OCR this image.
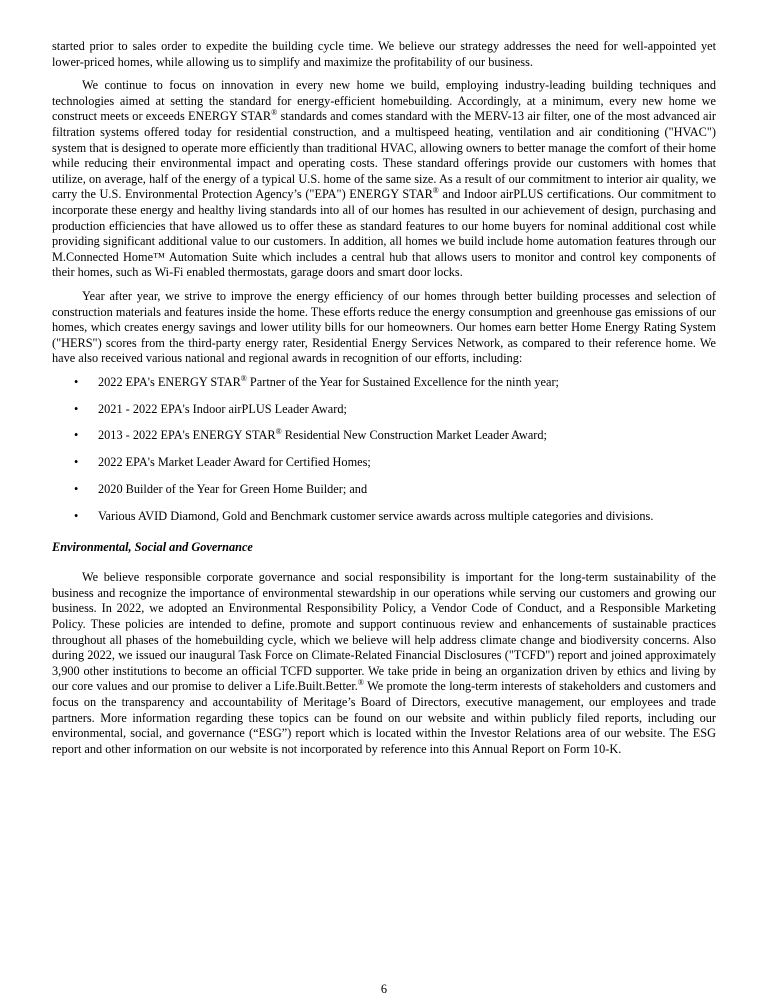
started prior to sales order to expedite the building cycle time. We believe our strategy addresses the need for well-appointed yet lower-priced homes, while allowing us to simplify and maximize the profitability of our business.

We continue to focus on innovation in every new home we build, employing industry-leading building techniques and technologies aimed at setting the standard for energy-efficient homebuilding. Accordingly, at a minimum, every new home we construct meets or exceeds ENERGY STAR® standards and comes standard with the MERV-13 air filter, one of the most advanced air filtration systems offered today for residential construction, and a multispeed heating, ventilation and air conditioning ("HVAC") system that is designed to operate more efficiently than traditional HVAC, allowing owners to better manage the comfort of their home while reducing their environmental impact and operating costs. These standard offerings provide our customers with homes that utilize, on average, half of the energy of a typical U.S. home of the same size. As a result of our commitment to interior air quality, we carry the U.S. Environmental Protection Agency’s ("EPA") ENERGY STAR® and Indoor airPLUS certifications. Our commitment to incorporate these energy and healthy living standards into all of our homes has resulted in our achievement of design, purchasing and production efficiencies that have allowed us to offer these as standard features to our home buyers for nominal additional cost while providing significant additional value to our customers. In addition, all homes we build include home automation features through our M.Connected Home™ Automation Suite which includes a central hub that allows users to monitor and control key components of their homes, such as Wi-Fi enabled thermostats, garage doors and smart door locks.

Year after year, we strive to improve the energy efficiency of our homes through better building processes and selection of construction materials and features inside the home. These efforts reduce the energy consumption and greenhouse gas emissions of our homes, which creates energy savings and lower utility bills for our homeowners. Our homes earn better Home Energy Rating System ("HERS") scores from the third-party energy rater, Residential Energy Services Network, as compared to their reference home. We have also received various national and regional awards in recognition of our efforts, including:

• 2022 EPA's ENERGY STAR® Partner of the Year for Sustained Excellence for the ninth year;
• 2021 - 2022 EPA's Indoor airPLUS Leader Award;
• 2013 - 2022 EPA's ENERGY STAR® Residential New Construction Market Leader Award;
• 2022 EPA's Market Leader Award for Certified Homes;
• 2020 Builder of the Year for Green Home Builder; and
• Various AVID Diamond, Gold and Benchmark customer service awards across multiple categories and divisions.
Environmental, Social and Governance

We believe responsible corporate governance and social responsibility is important for the long-term sustainability of the business and recognize the importance of environmental stewardship in our operations while serving our customers and growing our business. In 2022, we adopted an Environmental Responsibility Policy, a Vendor Code of Conduct, and a Responsible Marketing Policy. These policies are intended to define, promote and support continuous review and enhancements of sustainable practices throughout all phases of the homebuilding cycle, which we believe will help address climate change and biodiversity concerns. Also during 2022, we issued our inaugural Task Force on Climate-Related Financial Disclosures ("TCFD") report and joined approximately 3,900 other institutions to become an official TCFD supporter. We take pride in being an organization driven by ethics and living by our core values and our promise to deliver a Life.Built.Better.® We promote the long-term interests of stakeholders and customers and focus on the transparency and accountability of Meritage’s Board of Directors, executive management, our employees and trade partners. More information regarding these topics can be found on our website and within publicly filed reports, including our environmental, social, and governance (“ESG”) report which is located within the Investor Relations area of our website. The ESG report and other information on our website is not incorporated by reference into this Annual Report on Form 10-K.

6
